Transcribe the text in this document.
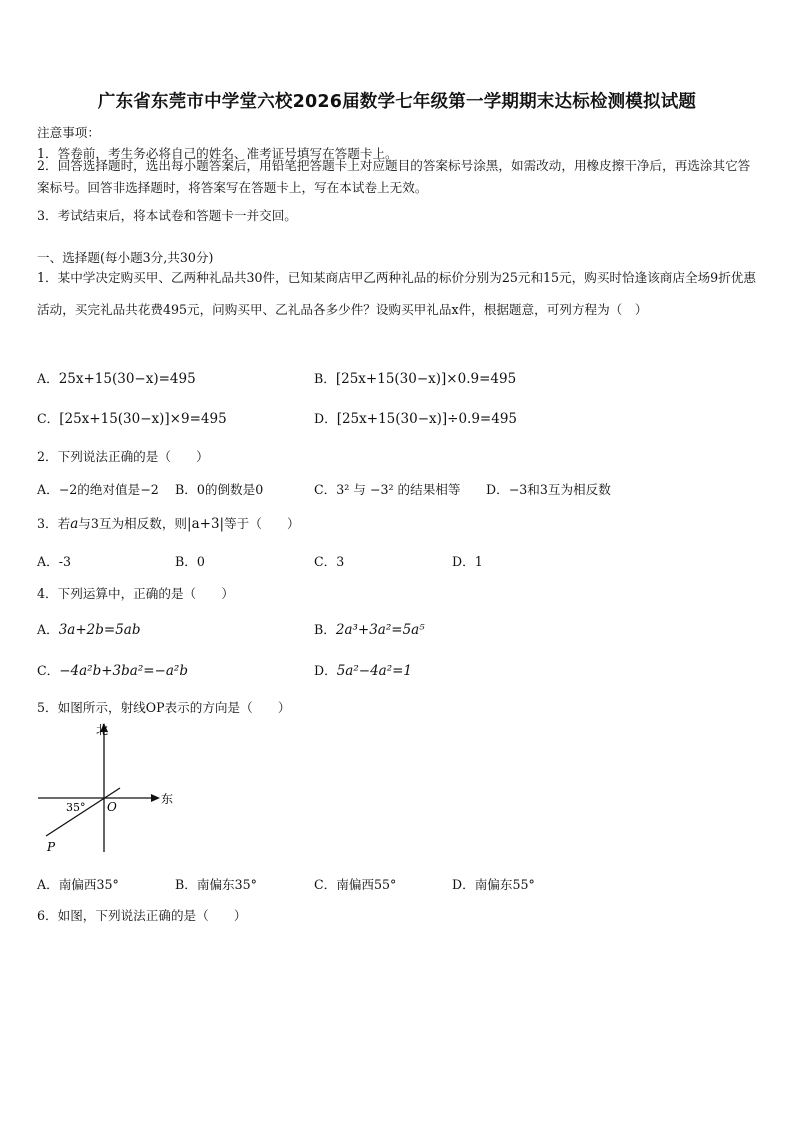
广东省东莞市中学堂六校2026届数学七年级第一学期期末达标检测模拟试题
注意事项：
1．答卷前，考生务必将自己的姓名、准考证号填写在答题卡上。
2．回答选择题时，选出每小题答案后，用铅笔把答题卡上对应题目的答案标号涂黑，如需改动，用橡皮擦干净后，再选涂其它答案标号。回答非选择题时，将答案写在答题卡上，写在本试卷上无效。
3．考试结束后，将本试卷和答题卡一并交回。
一、选择题(每小题3分,共30分)
1．某中学决定购买甲、乙两种礼品共30件，已知某商店甲乙两种礼品的标价分别为25元和15元，购买时恰逢该商店全场9折优惠活动，买完礼品共花费495元，问购买甲、乙礼品各多少件？设购买甲礼品x件，根据题意，可列方程为（　）
A．25x+15(30−x)=495	B．[25x+15(30−x)]×0.9=495
C．[25x+15(30−x)]×9=495	D．[25x+15(30−x)]÷0.9=495
2．下列说法正确的是（　　）
A．−2的绝对值是−2 B．0的倒数是0	C．3² 与 −3² 的结果相等 D．−3和3互为相反数
3．若a与3互为相反数，则|a+3|等于（　　）
A．-3	B．0	C．3	D．1
4．下列运算中，正确的是（　　）
A．3a+2b=5ab	B．2a³+3a²=5a⁵
C．−4a²b+3ba²=−a²b	D．5a²−4a²=1
5．如图所示，射线OP表示的方向是（　　）
北
东
35° O
P
A．南偏西35°	B．南偏东35°	C．南偏西55°	D．南偏东55°
6．如图，下列说法正确的是（　　）
